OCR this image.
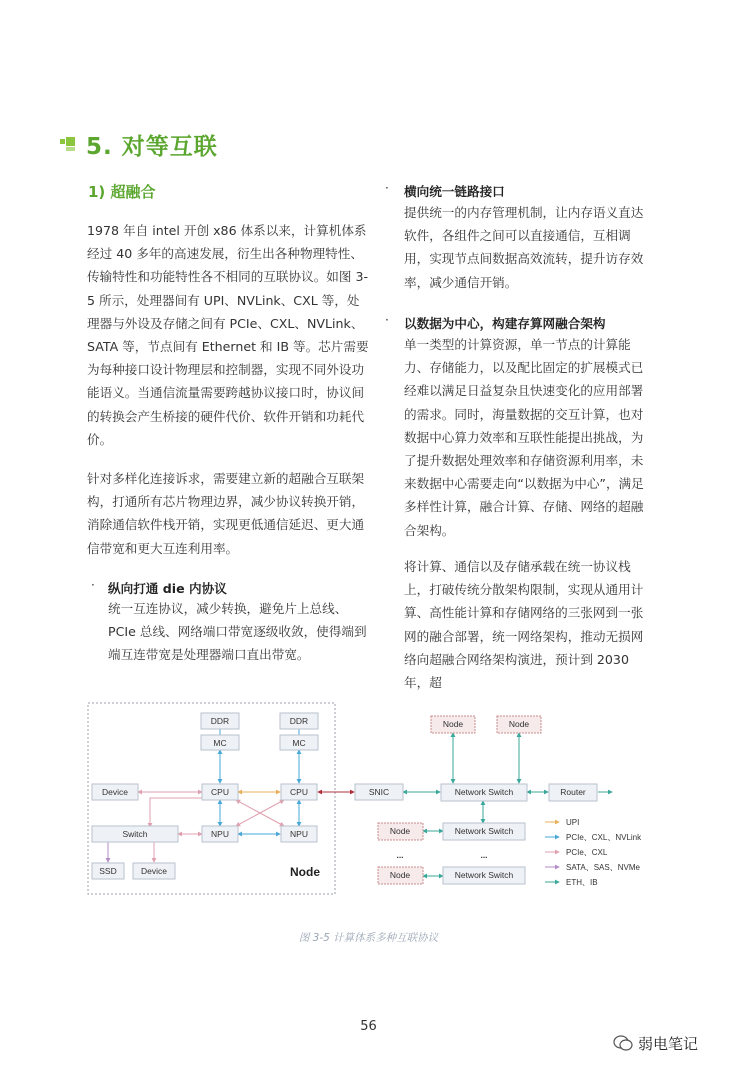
5. 对等互联
1) 超融合

1978 年自 intel 开创 x86 体系以来，计算机体系经过 40 多年的高速发展，衍生出各种物理特性、传输特性和功能特性各不相同的互联协议。如图 3-5 所示，处理器间有 UPI、NVLink、CXL 等，处理器与外设及存储之间有 PCIe、CXL、NVLink、SATA 等，节点间有 Ethernet 和 IB 等。芯片需要为每种接口设计物理层和控制器，实现不同外设功能语义。当通信流量需要跨越协议接口时，协议间的转换会产生桥接的硬件代价、软件开销和功耗代价。

针对多样化连接诉求，需要建立新的超融合互联架构，打通所有芯片物理边界，减少协议转换开销，消除通信软件栈开销，实现更低通信延迟、更大通信带宽和更大互连利用率。

· 纵向打通 die 内协议

统一互连协议，减少转换，避免片上总线、PCIe 总线、网络端口带宽逐级收敛，使得端到端互连带宽是处理器端口直出带宽。

· 横向统一链路接口

提供统一的内存管理机制，让内存语义直达软件，各组件之间可以直接通信，互相调用，实现节点间数据高效流转，提升访存效率，减少通信开销。

· 以数据为中心，构建存算网融合架构

单一类型的计算资源，单一节点的计算能力、存储能力，以及配比固定的扩展模式已经难以满足日益复杂且快速变化的应用部署的需求。同时，海量数据的交互计算，也对数据中心算力效率和互联性能提出挑战，为了提升数据处理效率和存储资源利用率，未来数据中心需要走向“以数据为中心”，满足多样性计算，融合计算、存储、网络的超融合架构。

将计算、通信以及存储承载在统一协议栈上，打破传统分散架构限制，实现从通用计算、高性能计算和存储网络的三张网到一张网的融合部署，统一网络架构，推动无损网络向超融合网络架构演进，预计到 2030 年，超

DDR	DDR
MC	MC
CPU	CPU
NPU	NPU
Device
Switch
SSD	Device
SNIC
Node	Node
Network Switch	Router
Node	Network Switch
...	...
Node	Network Switch
Node
UPI
PCIe、CXL、NVLink
PCIe、CXL
SATA、SAS、NVMe
ETH、IB
图 3-5 计算体系多种互联协议
56
弱电笔记
